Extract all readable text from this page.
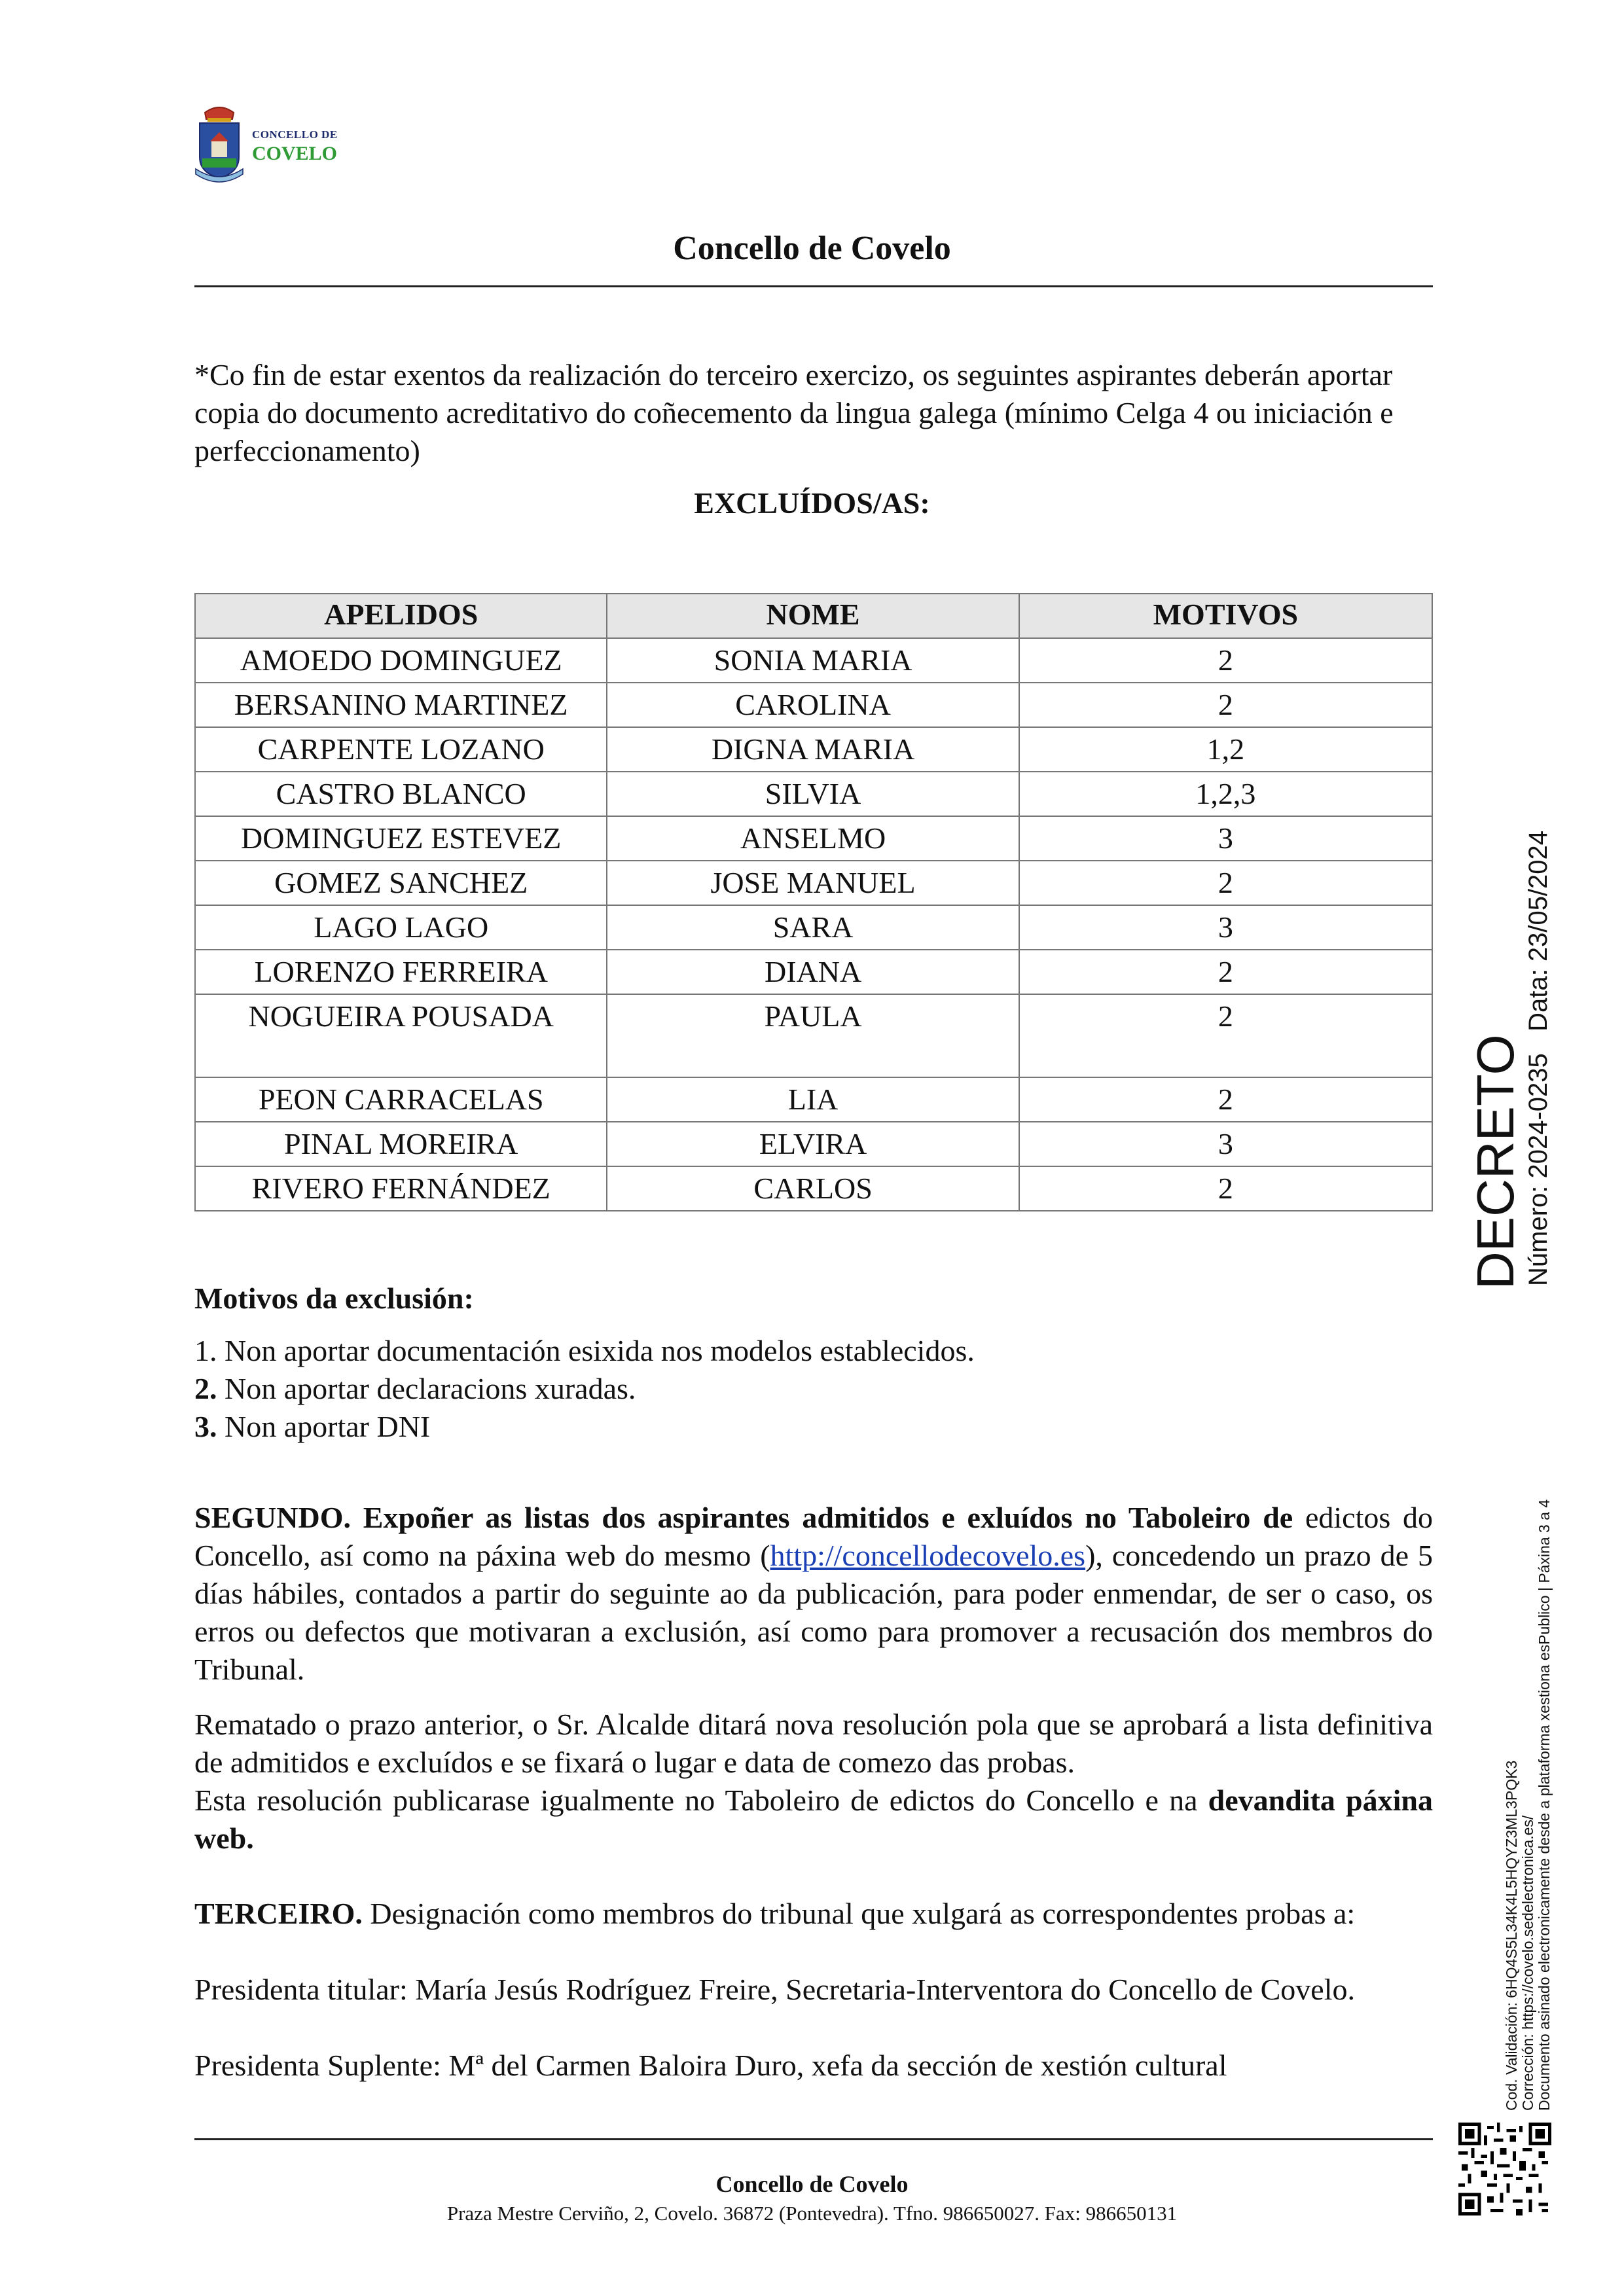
CONCELLO DE
COVELO
Concello de Covelo
*Co fin de estar exentos da realización do terceiro exercizo, os seguintes aspirantes deberán aportar copia do documento acreditativo do coñecemento da lingua galega (mínimo Celga 4 ou iniciación e perfeccionamento)
EXCLUÍDOS/AS:
APELIDOS	NOME	MOTIVOS
AMOEDO DOMINGUEZ	SONIA MARIA	2
BERSANINO MARTINEZ	CAROLINA	2
CARPENTE LOZANO	DIGNA MARIA	1,2
CASTRO BLANCO	SILVIA	1,2,3
DOMINGUEZ ESTEVEZ	ANSELMO	3
GOMEZ SANCHEZ	JOSE MANUEL	2
LAGO LAGO	SARA	3
LORENZO FERREIRA	DIANA	2
NOGUEIRA POUSADA	PAULA	2
PEON CARRACELAS	LIA	2
PINAL MOREIRA	ELVIRA	3
RIVERO FERNÁNDEZ	CARLOS	2
Motivos da exclusión:
1. Non aportar documentación esixida nos modelos establecidos.
2. Non aportar declaracions xuradas.
3. Non aportar DNI
SEGUNDO. Expoñer as listas dos aspirantes admitidos e exluídos no Taboleiro de edictos do Concello, así como na páxina web do mesmo (http://concellodecovelo.es), concedendo un prazo de 5 días hábiles, contados a partir do seguinte ao da publicación, para poder enmendar, de ser o caso, os erros ou defectos que motivaran a exclusión, así como para promover a recusación dos membros do Tribunal.
Rematado o prazo anterior, o Sr. Alcalde ditará nova resolución pola que se aprobará a lista definitiva de admitidos e excluídos e se fixará o lugar e data de comezo das probas.
Esta resolución publicarase igualmente no Taboleiro de edictos do Concello e na devandita páxina web.
TERCEIRO. Designación como membros do tribunal que xulgará as correspondentes probas a:
Presidenta titular: María Jesús Rodríguez Freire, Secretaria-Interventora do Concello de Covelo.
Presidenta Suplente: Mª del Carmen Baloira Duro, xefa da sección de xestión cultural
Concello de Covelo
Praza Mestre Cerviño, 2, Covelo. 36872 (Pontevedra). Tfno. 986650027. Fax: 986650131
DECRETO Número: 2024-0235   Data: 23/05/2024
Cod. Validación: 6HQ4S5L34K4L5HQYZ3ML3PQK3 Corrección: https://covelo.sedelectronica.es/ Documento asinado electronicamente desde a plataforma xestiona esPublico | Páxina 3 a 4
